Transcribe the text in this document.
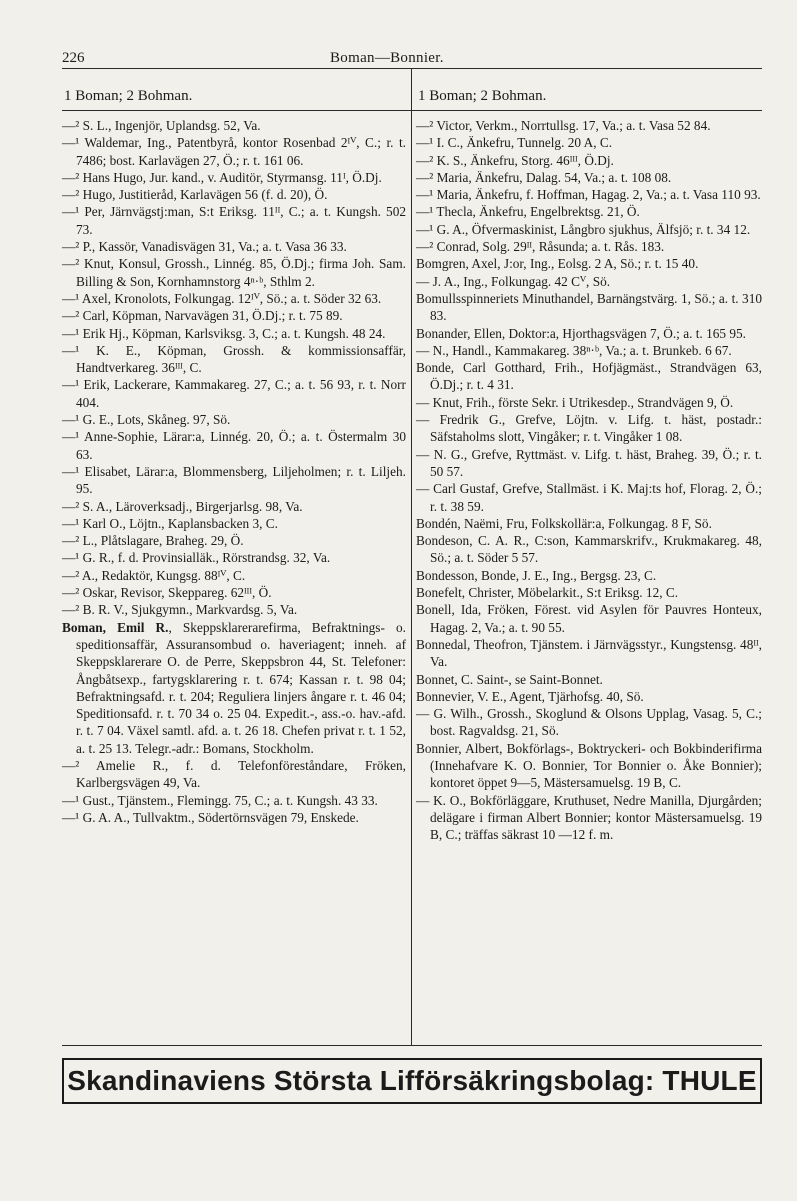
226	Boman—Bonnier.
1 Boman; 2 Bohman.	1 Boman; 2 Bohman.

—² S. L., Ingenjör, Uplandsg. 52, Va.

—¹ Waldemar, Ing., Patentbyrå, kontor Rosenbad 2ᴵⱽ, C.; r. t. 7486; bost. Karlavägen 27, Ö.; r. t. 161 06.

—² Hans Hugo, Jur. kand., v. Auditör, Styrmansg. 11ᴵ, Ö.Dj.

—² Hugo, Justitieråd, Karlavägen 56 (f. d. 20), Ö.

—¹ Per, Järnvägstj:man, S:t Eriksg. 11ᴵᴵ, C.; a. t. Kungsh. 502 73.

—² P., Kassör, Vanadisvägen 31, Va.; a. t. Vasa 36 33.

—² Knut, Konsul, Grossh., Linnég. 85, Ö.Dj.; firma Joh. Sam. Billing & Son, Kornhamnstorg 4ⁿ·ᵇ, Sthlm 2.

—¹ Axel, Kronolots, Folkungag. 12ᴵⱽ, Sö.; a. t. Söder 32 63.

—² Carl, Köpman, Narvavägen 31, Ö.Dj.; r. t. 75 89.

—¹ Erik Hj., Köpman, Karlsviksg. 3, C.; a. t. Kungsh. 48 24.

—¹ K. E., Köpman, Grossh. & kommissionsaffär, Handtverkareg. 36ᴵᴵᴵ, C.

—¹ Erik, Lackerare, Kammakareg. 27, C.; a. t. 56 93, r. t. Norr 404.

—¹ G. E., Lots, Skåneg. 97, Sö.

—¹ Anne-Sophie, Lärar:a, Linnég. 20, Ö.; a. t. Östermalm 30 63.

—¹ Elisabet, Lärar:a, Blommensberg, Liljeholmen; r. t. Liljeh. 95.

—² S. A., Läroverksadj., Birgerjarlsg. 98, Va.

—¹ Karl O., Löjtn., Kaplansbacken 3, C.

—² L., Plåtslagare, Braheg. 29, Ö.

—¹ G. R., f. d. Provinsialläk., Rörstrandsg. 32, Va.

—² A., Redaktör, Kungsg. 88ᴵⱽ, C.

—² Oskar, Revisor, Skeppareg. 62ᴵᴵᴵ, Ö.

—² B. R. V., Sjukgymn., Markvardsg. 5, Va.

Boman, Emil R., Skeppsklarerarefirma, Befraktnings- o. speditionsaffär, Assuransombud o. haveriagent; inneh. af Skeppsklarerare O. de Perre, Skeppsbron 44, St. Telefoner: Ångbåtsexp., fartygsklarering r. t. 674; Kassan r. t. 98 04; Befraktningsafd. r. t. 204; Reguliera linjers ångare r. t. 46 04; Speditionsafd. r. t. 70 34 o. 25 04. Expedit.-, ass.-o. hav.-afd. r. t. 7 04. Växel samtl. afd. a. t. 26 18. Chefen privat r. t. 1 52, a. t. 25 13. Telegr.-adr.: Bomans, Stockholm.

—² Amelie R., f. d. Telefonföreståndare, Fröken, Karlbergsvägen 49, Va.

—¹ Gust., Tjänstem., Flemingg. 75, C.; a. t. Kungsh. 43 33.

—¹ G. A. A., Tullvaktm., Södertörnsvägen 79, Enskede.

—² Victor, Verkm., Norrtullsg. 17, Va.; a. t. Vasa 52 84.

—¹ I. C., Änkefru, Tunnelg. 20 A, C.

—² K. S., Änkefru, Storg. 46ᴵᴵᴵ, Ö.Dj.

—² Maria, Änkefru, Dalag. 54, Va.; a. t. 108 08.

—¹ Maria, Änkefru, f. Hoffman, Hagag. 2, Va.; a. t. Vasa 110 93.

—¹ Thecla, Änkefru, Engelbrektsg. 21, Ö.

—¹ G. A., Öfvermaskinist, Långbro sjukhus, Älfsjö; r. t. 34 12.

—² Conrad, Solg. 29ᴵᴵ, Råsunda; a. t. Rås. 183.

Bomgren, Axel, J:or, Ing., Eolsg. 2 A, Sö.; r. t. 15 40.

— J. A., Ing., Folkungag. 42 Cⱽ, Sö.

Bomullsspinneriets Minuthandel, Barnängstvärg. 1, Sö.; a. t. 310 83.

Bonander, Ellen, Doktor:a, Hjorthagsvägen 7, Ö.; a. t. 165 95.

— N., Handl., Kammakareg. 38ⁿ·ᵇ, Va.; a. t. Brunkeb. 6 67.

Bonde, Carl Gotthard, Frih., Hofjägmäst., Strandvägen 63, Ö.Dj.; r. t. 4 31.

— Knut, Frih., förste Sekr. i Utrikesdep., Strandvägen 9, Ö.

— Fredrik G., Grefve, Löjtn. v. Lifg. t. häst, postadr.: Säfstaholms slott, Vingåker; r. t. Vingåker 1 08.

— N. G., Grefve, Ryttmäst. v. Lifg. t. häst, Braheg. 39, Ö.; r. t. 50 57.

— Carl Gustaf, Grefve, Stallmäst. i K. Maj:ts hof, Florag. 2, Ö.; r. t. 38 59.

Bondén, Naëmi, Fru, Folkskollär:a, Folkungag. 8 F, Sö.

Bondeson, C. A. R., C:son, Kammarskrifv., Krukmakareg. 48, Sö.; a. t. Söder 5 57.

Bondesson, Bonde, J. E., Ing., Bergsg. 23, C.

Bonefelt, Christer, Möbelarkit., S:t Eriksg. 12, C.

Bonell, Ida, Fröken, Förest. vid Asylen för Pauvres Honteux, Hagag. 2, Va.; a. t. 90 55.

Bonnedal, Theofron, Tjänstem. i Järnvägsstyr., Kungstensg. 48ᴵᴵ, Va.

Bonnet, C. Saint-, se Saint-Bonnet.

Bonnevier, V. E., Agent, Tjärhofsg. 40, Sö.

— G. Wilh., Grossh., Skoglund & Olsons Upplag, Vasag. 5, C.; bost. Ragvaldsg. 21, Sö.

Bonnier, Albert, Bokförlags-, Boktryckeri- och Bokbinderifirma (Innehafvare K. O. Bonnier, Tor Bonnier o. Åke Bonnier); kontoret öppet 9—5, Mästersamuelsg. 19 B, C.

— K. O., Bokförläggare, Kruthuset, Nedre Manilla, Djurgården; delägare i firman Albert Bonnier; kontor Mästersamuelsg. 19 B, C.; träffas säkrast 10 —12 f. m.

Skandinaviens Största Lifförsäkringsbolag: THULE
